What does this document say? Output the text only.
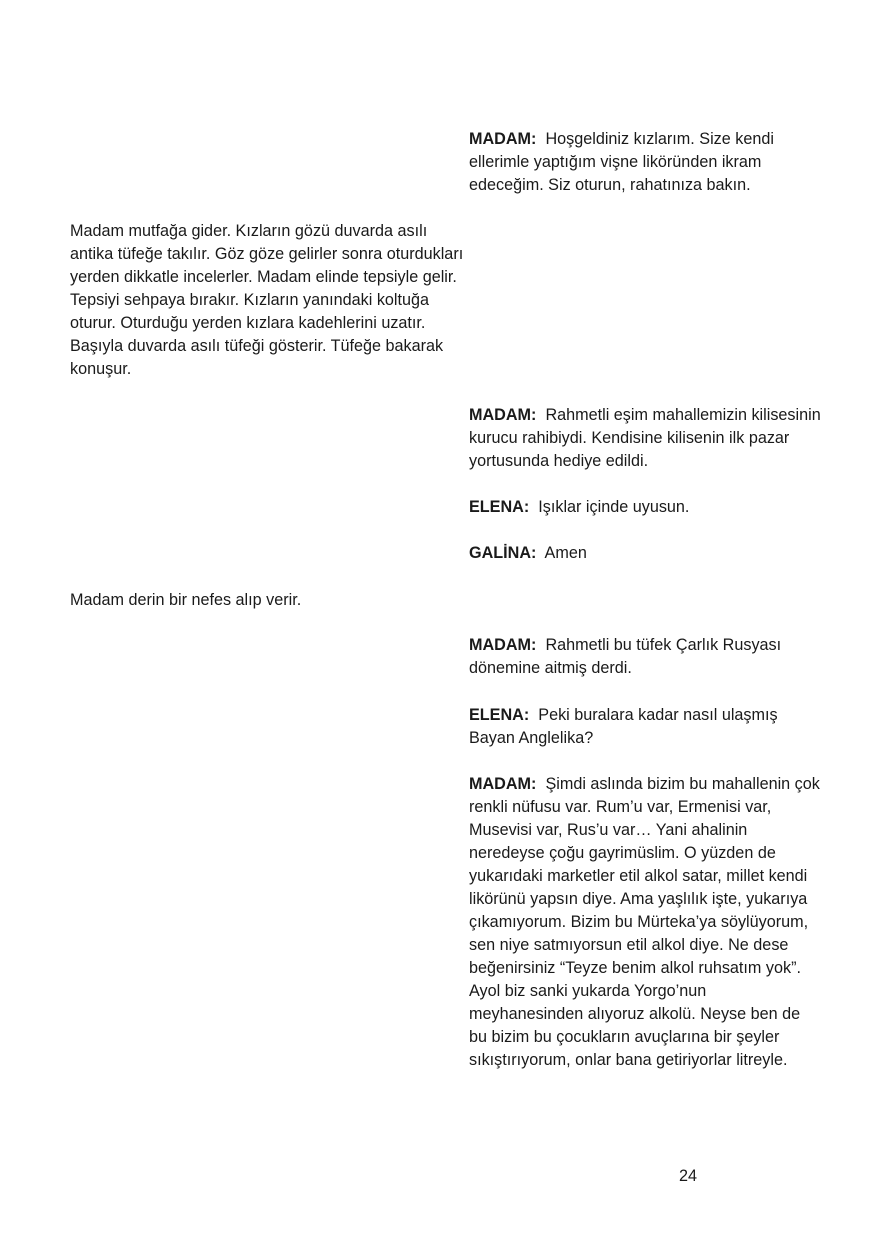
MADAM: Hoşgeldiniz kızlarım. Size kendi ellerimle yaptığım vişne liköründen ikram edeceğim. Siz oturun, rahatınıza bakın.

Madam mutfağa gider. Kızların gözü duvarda asılı antika tüfeğe takılır. Göz göze gelirler sonra oturdukları yerden dikkatle incelerler. Madam elinde tepsiyle gelir. Tepsiyi sehpaya bırakır. Kızların yanındaki koltuğa oturur. Oturduğu yerden kızlara kadehlerini uzatır. Başıyla duvarda asılı tüfeği gösterir. Tüfeğe bakarak konuşur.

MADAM: Rahmetli eşim mahallemizin kilisesinin kurucu rahibiydi. Kendisine kilisenin ilk pazar yortusunda hediye edildi.

ELENA: Işıklar içinde uyusun.

GALİNA: Amen

Madam derin bir nefes alıp verir.

MADAM: Rahmetli bu tüfek Çarlık Rusyası dönemine aitmiş derdi.

ELENA: Peki buralara kadar nasıl ulaşmış Bayan Anglelika?

MADAM: Şimdi aslında bizim bu mahallenin çok renkli nüfusu var. Rum’u var, Ermenisi var, Musevisi var, Rus’u var… Yani ahalinin neredeyse çoğu gayrimüslim. O yüzden de yukarıdaki marketler etil alkol satar, millet kendi likörünü yapsın diye. Ama yaşlılık işte, yukarıya çıkamıyorum. Bizim bu Mürteka’ya söylüyorum, sen niye satmıyorsun etil alkol diye. Ne dese beğenirsiniz “Teyze benim alkol ruhsatım yok”. Ayol biz sanki yukarda Yorgo’nun meyhanesinden alıyoruz alkolü. Neyse ben de bu bizim bu çocukların avuçlarına bir şeyler sıkıştırıyorum, onlar bana getiriyorlar litreyle.

24
